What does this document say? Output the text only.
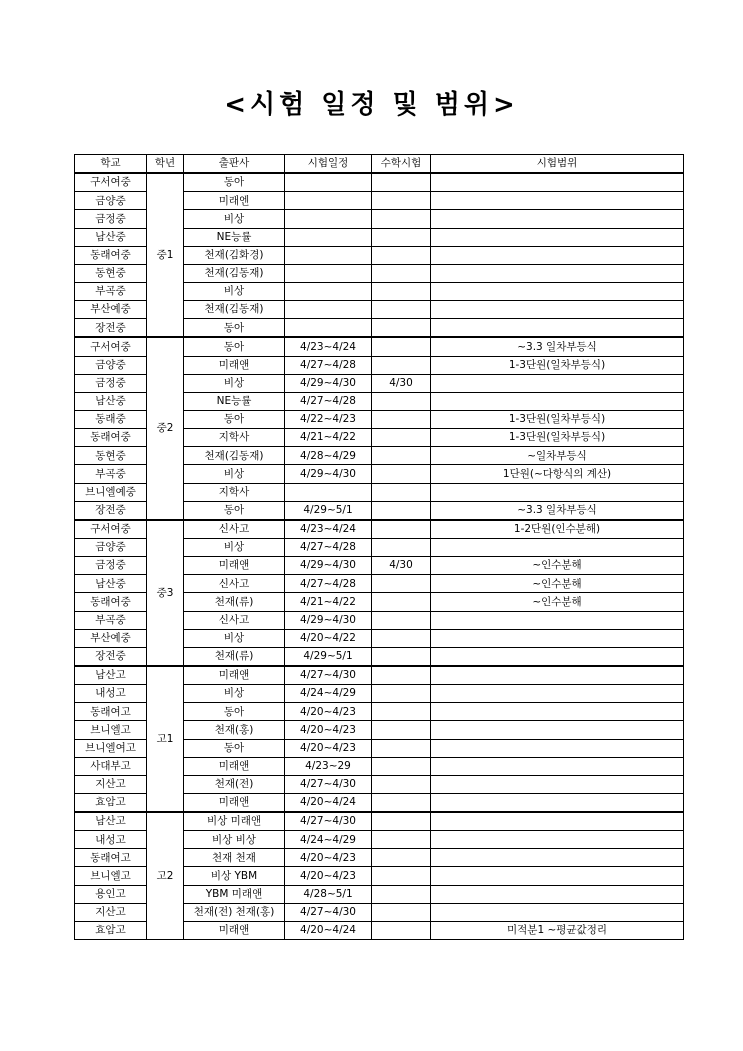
<시험 일정 및 범위>
학교	학년	출판사	시험일정	수학시험	시험범위
구서여중	중1	동아			
금양중		미래엔			
금정중		비상			
남산중		NE능률			
동래여중		천재(김화경)			
동현중		천재(김동재)			
부곡중		비상			
부산예중		천재(김동재)			
장전중		동아			
구서여중	중2	동아	4/23~4/24		~3.3 일차부등식
금양중		미래앤	4/27~4/28		1-3단원(일차부등식)
금정중		비상	4/29~4/30	4/30	
남산중		NE능률	4/27~4/28		
동래중		동아	4/22~4/23		1-3단원(일차부등식)
동래여중		지학사	4/21~4/22		1-3단원(일차부등식)
동현중		천재(김동재)	4/28~4/29		~일차부등식
부곡중		비상	4/29~4/30		1단원(~다항식의 계산)
브니엘예중		지학사			
장전중		동아	4/29~5/1		~3.3 일차부등식
구서여중	중3	신사고	4/23~4/24		1-2단원(인수분해)
금양중		비상	4/27~4/28		
금정중		미래앤	4/29~4/30	4/30	~인수분해
남산중		신사고	4/27~4/28		~인수분해
동래여중		천재(류)	4/21~4/22		~인수분해
부곡중		신사고	4/29~4/30		
부산예중		비상	4/20~4/22		
장전중		천재(류)	4/29~5/1		
남산고	고1	미래앤	4/27~4/30		
내성고		비상	4/24~4/29		
동래여고		동아	4/20~4/23		
브니엘고		천재(홍)	4/20~4/23		
브니엘여고		동아	4/20~4/23		
사대부고		미래앤	4/23~29		
지산고		천재(전)	4/27~4/30		
효암고		미래앤	4/20~4/24		
남산고	고2	비상 미래앤	4/27~4/30		
내성고		비상 비상	4/24~4/29		
동래여고		천재 천재	4/20~4/23		
브니엘고		비상 YBM	4/20~4/23		
용인고		YBM 미래앤	4/28~5/1		
지산고		천재(전) 천재(홍)	4/27~4/30		
효암고		미래앤	4/20~4/24		미적분1 ~평균값정리
